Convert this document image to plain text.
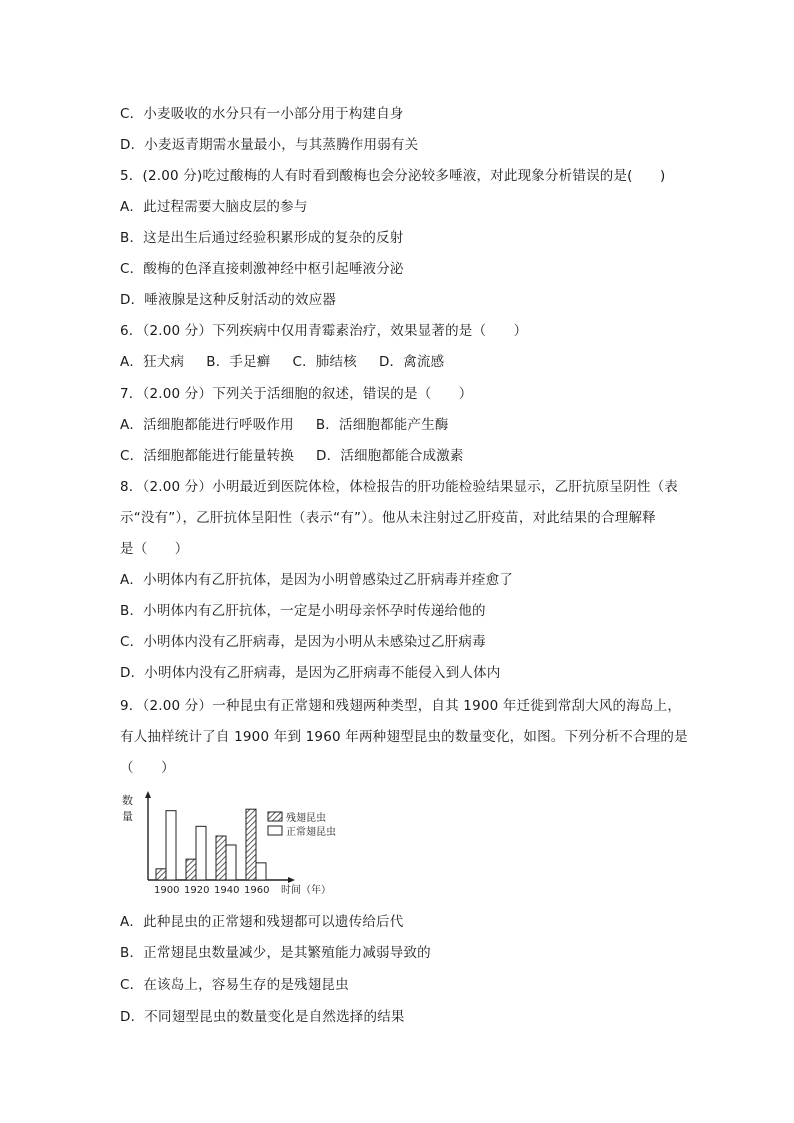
C．小麦吸收的水分只有一小部分用于构建自身
D．小麦返青期需水量最小，与其蒸腾作用弱有关
5．(2.00 分)吃过酸梅的人有时看到酸梅也会分泌较多唾液，对此现象分析错误的是(　　)
A．此过程需要大脑皮层的参与
B．这是出生后通过经验积累形成的复杂的反射
C．酸梅的色泽直接刺激神经中枢引起唾液分泌
D．唾液腺是这种反射活动的效应器
6．（2.00 分）下列疾病中仅用青霉素治疗，效果显著的是（　　）
A．狂犬病 B．手足癣 C．肺结核 D．禽流感
7．（2.00 分）下列关于活细胞的叙述，错误的是（　　）
A．活细胞都能进行呼吸作用 B．活细胞都能产生酶
C．活细胞都能进行能量转换 D．活细胞都能合成激素
8．（2.00 分）小明最近到医院体检，体检报告的肝功能检验结果显示，乙肝抗原呈阴性（表
示“没有”），乙肝抗体呈阳性（表示“有”）。他从未注射过乙肝疫苗，对此结果的合理解释
是（　　）
A．小明体内有乙肝抗体，是因为小明曾感染过乙肝病毒并痊愈了
B．小明体内有乙肝抗体，一定是小明母亲怀孕时传递给他的
C．小明体内没有乙肝病毒，是因为小明从未感染过乙肝病毒
D．小明体内没有乙肝病毒，是因为乙肝病毒不能侵入到人体内
9．（2.00 分）一种昆虫有正常翅和残翅两种类型，自其 1900 年迁徙到常刮大风的海岛上，
有人抽样统计了自 1900 年到 1960 年两种翅型昆虫的数量变化，如图。下列分析不合理的是
（　　）
数
量
1900 1920 1940 1960 时间（年）
残翅昆虫
正常翅昆虫
A．此种昆虫的正常翅和残翅都可以遗传给后代
B．正常翅昆虫数量减少，是其繁殖能力减弱导致的
C．在该岛上，容易生存的是残翅昆虫
D．不同翅型昆虫的数量变化是自然选择的结果
